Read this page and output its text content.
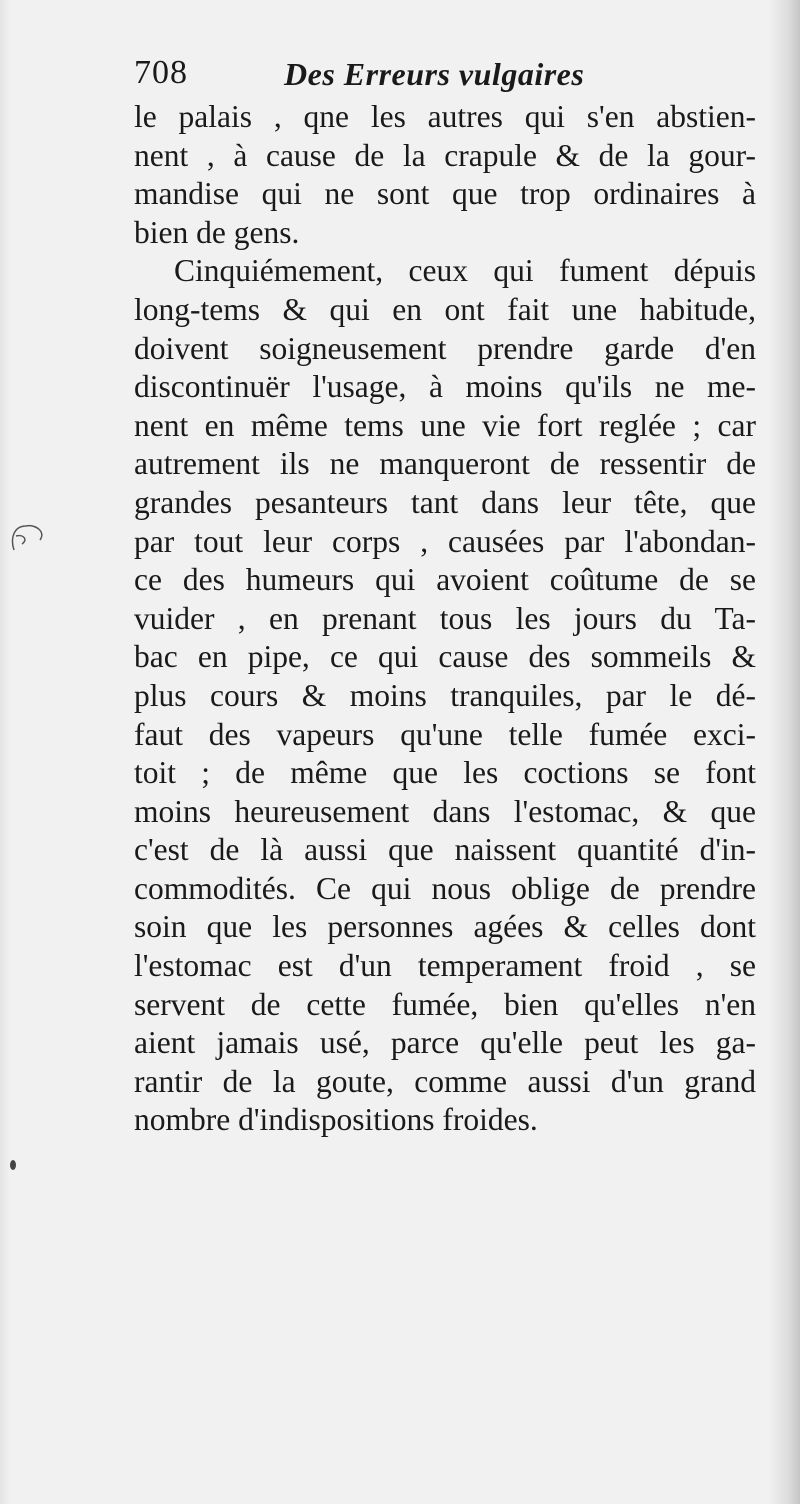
708	Des Erreurs vulgaires
le palais , qne les autres qui s'en abstien-
nent , à cause de la crapule & de la gour-
mandise qui ne sont que trop ordinaires à
bien de gens.
Cinquiémement, ceux qui fument dépuis
long-tems & qui en ont fait une habitude,
doivent soigneusement prendre garde d'en
discontinuër l'usage, à moins qu'ils ne me-
nent en même tems une vie fort reglée ; car
autrement ils ne manqueront de ressentir de
grandes pesanteurs tant dans leur tête, que
par tout leur corps , causées par l'abondan-
ce des humeurs qui avoient coûtume de se
vuider , en prenant tous les jours du Ta-
bac en pipe, ce qui cause des sommeils &
plus cours & moins tranquiles, par le dé-
faut des vapeurs qu'une telle fumée exci-
toit ; de même que les coctions se font
moins heureusement dans l'estomac, & que
c'est de là aussi que naissent quantité d'in-
commodités. Ce qui nous oblige de prendre
soin que les personnes agées & celles dont
l'estomac est d'un temperament froid , se
servent de cette fumée, bien qu'elles n'en
aient jamais usé, parce qu'elle peut les ga-
rantir de la goute, comme aussi d'un grand
nombre d'indispositions froides.
